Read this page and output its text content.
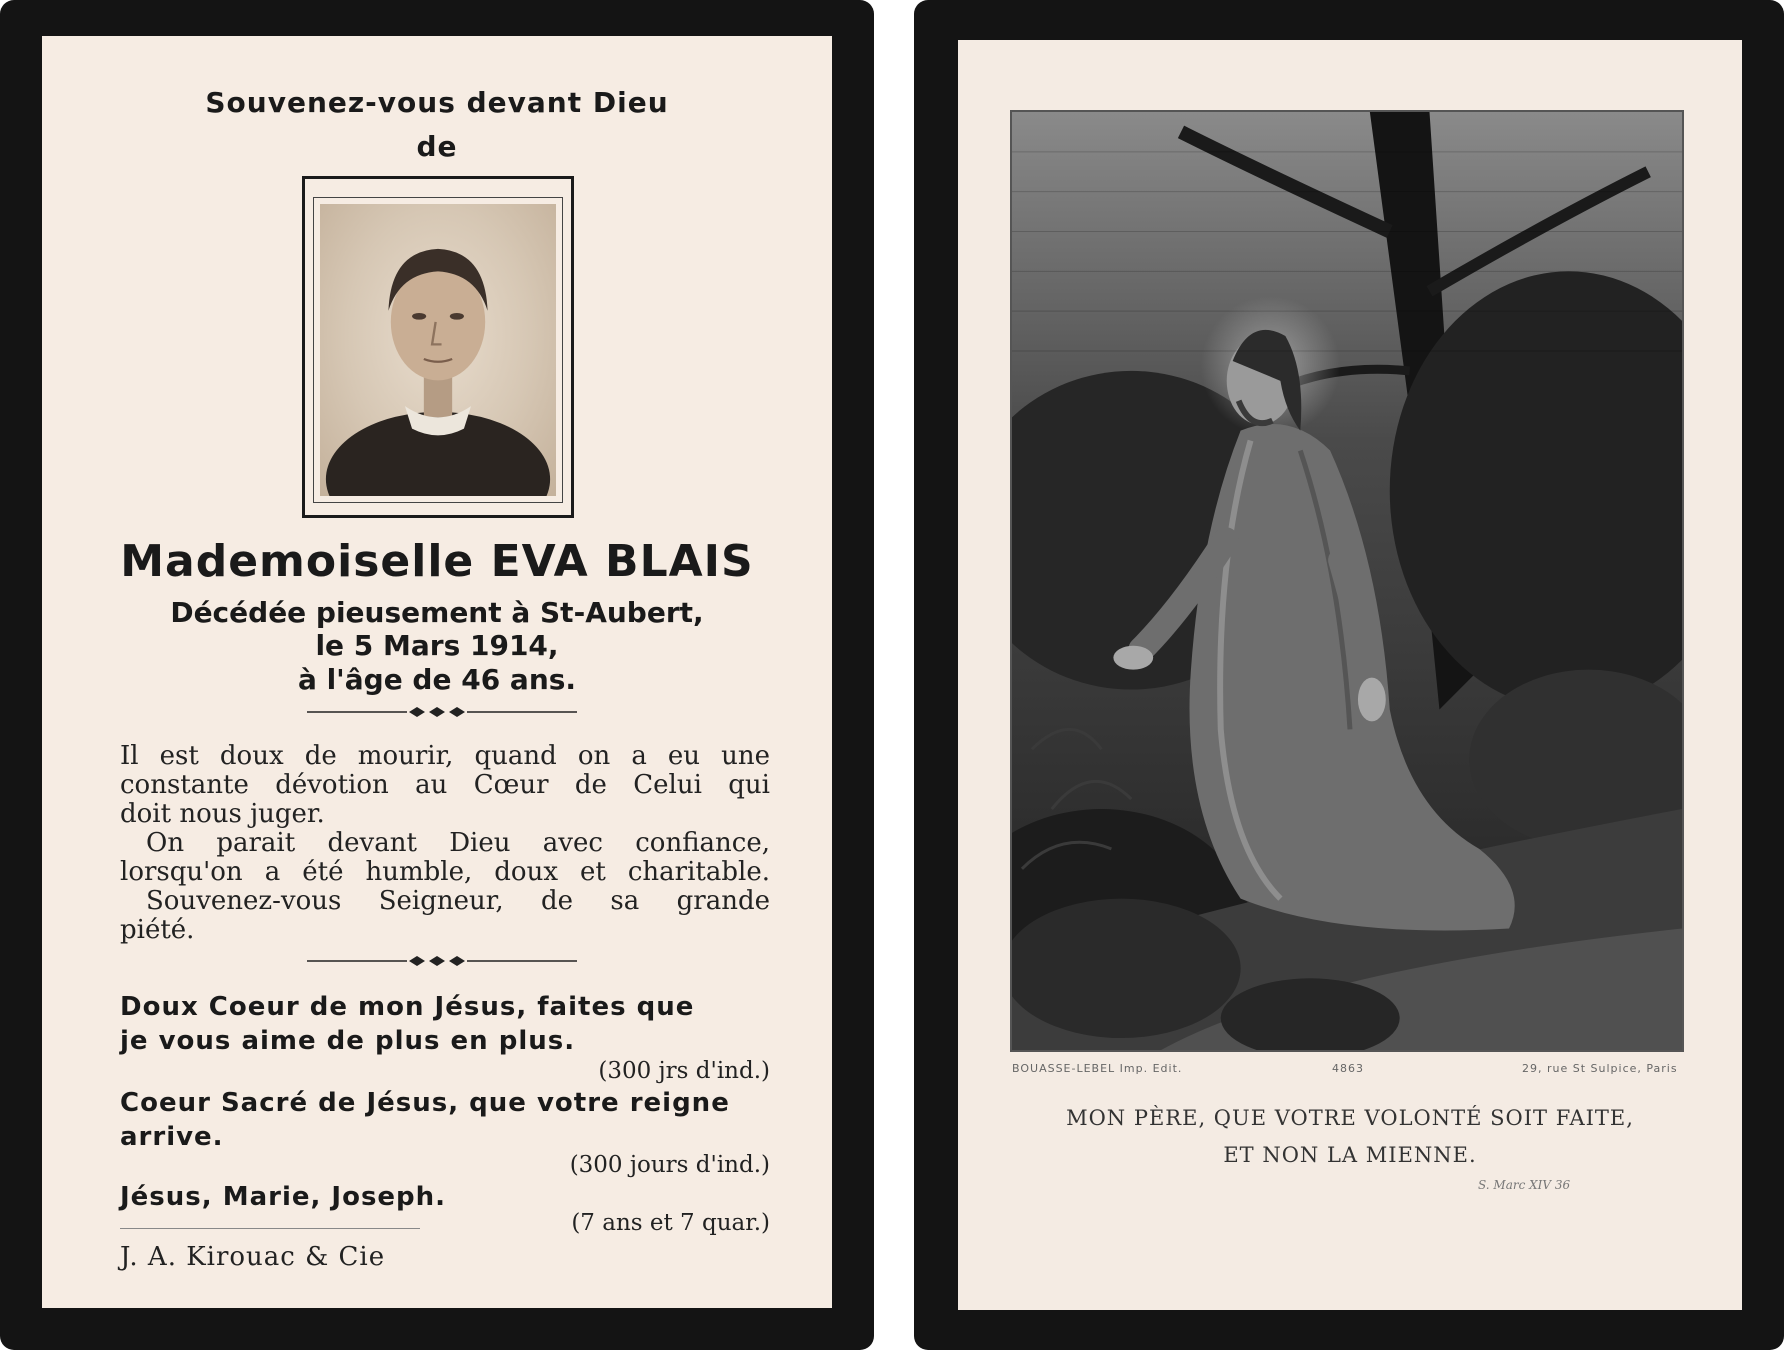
Souvenez-vous devant Dieu
de
Mademoiselle EVA BLAIS
Décédée pieusement à St-Aubert,
le 5 Mars 1914,
à l'âge de 46 ans.
Il est doux de mourir, quand on a eu une
constante dévotion au Cœur de Celui qui
doit nous juger.
On parait devant Dieu avec confiance,
lorsqu'on a été humble, doux et charitable.
Souvenez-vous Seigneur, de sa grande
piété.
Doux Coeur de mon Jésus, faites que
je vous aime de plus en plus.
(300 jrs d'ind.)
Coeur Sacré de Jésus, que votre reigne
arrive.
(300 jours d'ind.)
Jésus, Marie, Joseph.
(7 ans et 7 quar.)
J. A. Kirouac & Cie
BOUASSE-LEBEL Imp. Edit.	4863	29, rue St Sulpice, Paris
MON PÈRE, QUE VOTRE VOLONTÉ SOIT FAITE,
ET NON LA MIENNE.
S. Marc XIV 36
